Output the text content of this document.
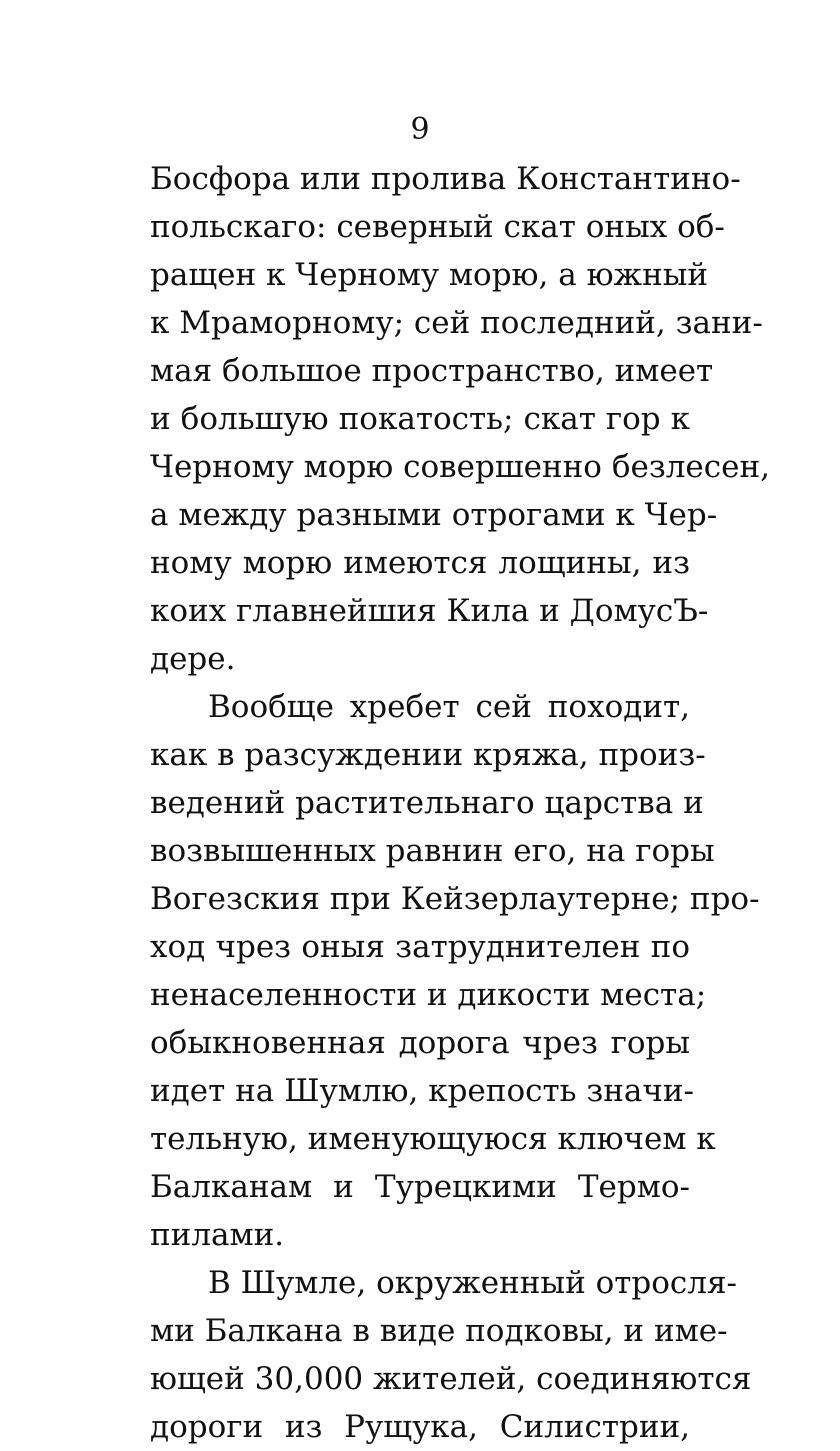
9
Босфора или пролива Константино-
польскаго: северный скат оных об-
ращен к Черному морю, а южный
к Мраморному; сей последний, зани-
мая большое пространство, имеет
и большую покатость; скат гор к
Черному морю совершенно безлесен,
а между разными отрогами к Чер-
ному морю имеются лощины, из
коих главнейшия Кила и ДомусЪ-
дере.
Вообще хребет сей походит,
как в разсуждении кряжа, произ-
ведений растительнаго царства и
возвышенных равнин его, на горы
Вогезския при Кейзерлаутерне; про-
ход чрез оныя затруднителен по
ненаселенности и дикости места;
обыкновенная дорога чрез горы
идет на Шумлю, крепость значи-
тельную, именующуюся ключем к
Балканам и Турецкими Термо-
пилами.
В Шумле, окруженный отросля-
ми Балкана в виде подковы, и име-
ющей 30,000 жителей, соединяются
дороги из Рущука, Силистрии,
